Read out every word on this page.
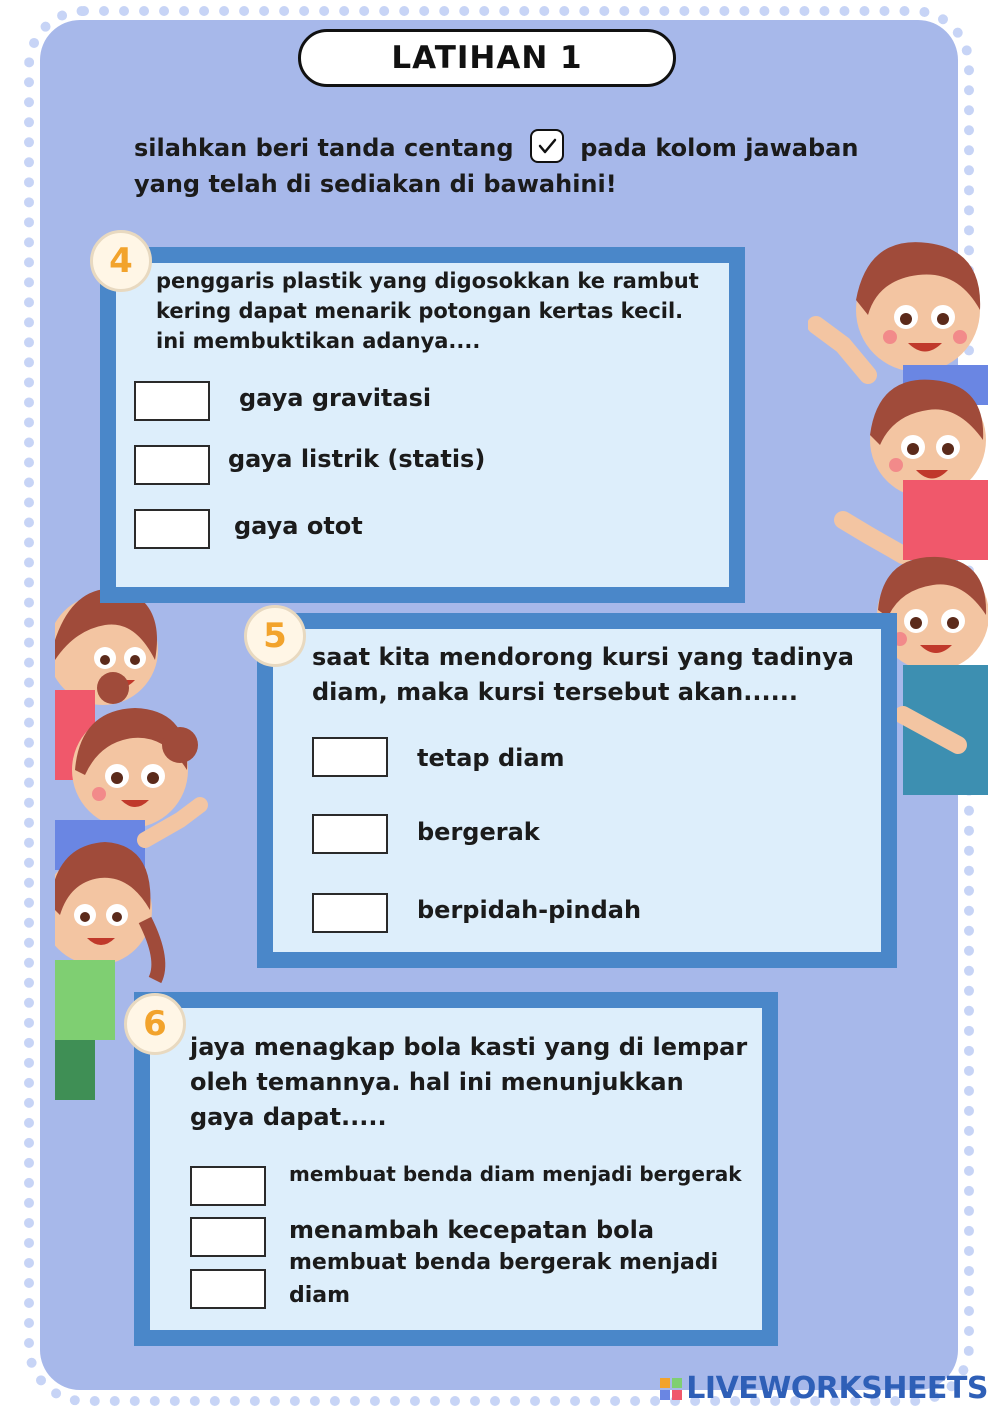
LATIHAN 1
silahkan beri tanda centang	pada kolom jawaban yang telah di sediakan di bawahini!
4	penggaris plastik yang digosokkan ke rambut
kering dapat menarik potongan kertas kecil.
ini membuktikan adanya....
gaya gravitasi
gaya listrik (statis)
gaya otot
5
saat kita mendorong kursi yang tadinya
diam, maka kursi tersebut akan......
tetap diam
bergerak
berpidah-pindah
6
jaya menagkap bola kasti yang di lempar
oleh temannya. hal ini menunjukkan
gaya dapat.....
membuat benda diam menjadi bergerak
menambah kecepatan bola
membuat benda bergerak menjadi
diam
LIVEWORKSHEETS
